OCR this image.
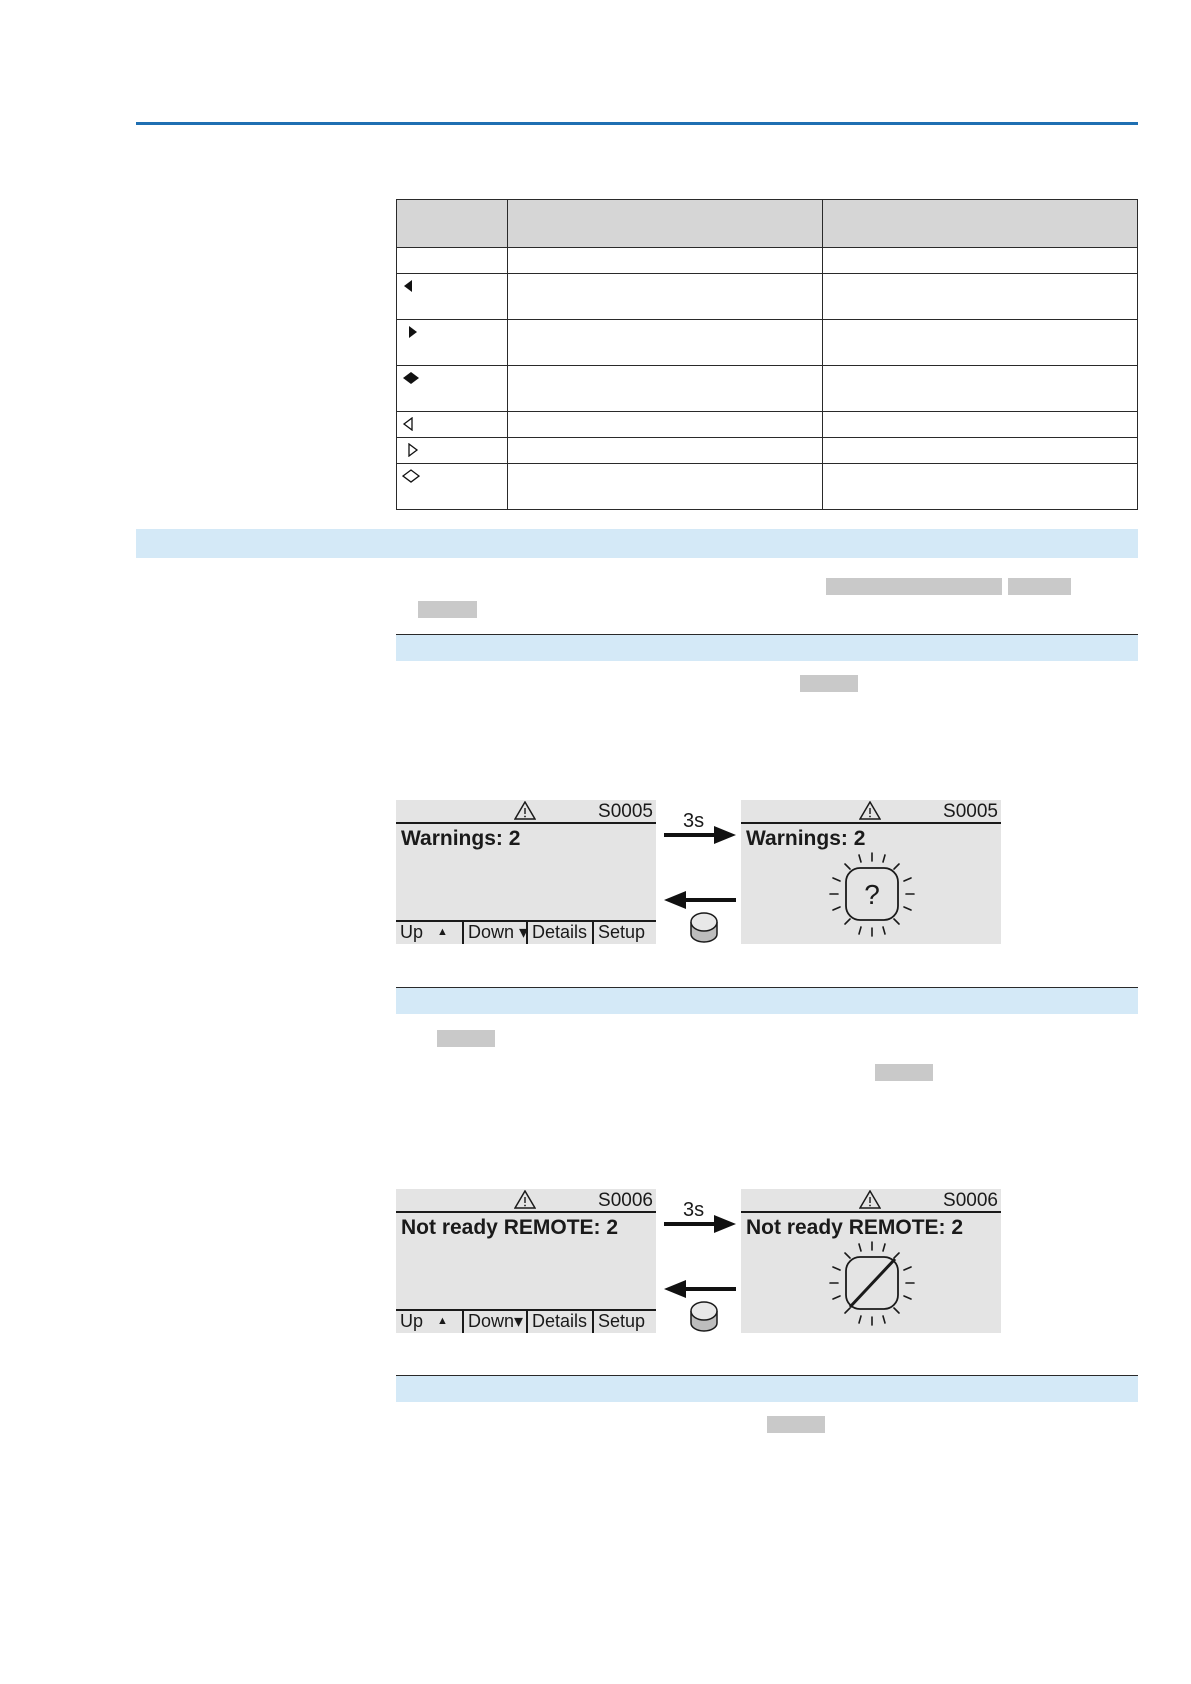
S0005
Warnings: 2
Up ▲	Down ▾ Details Setup
3s	S0005
Warnings: 2
?
S0006
Not ready REMOTE: 2
Up ▲	Down▾ Details Setup
3s	S0006
Not ready REMOTE: 2
